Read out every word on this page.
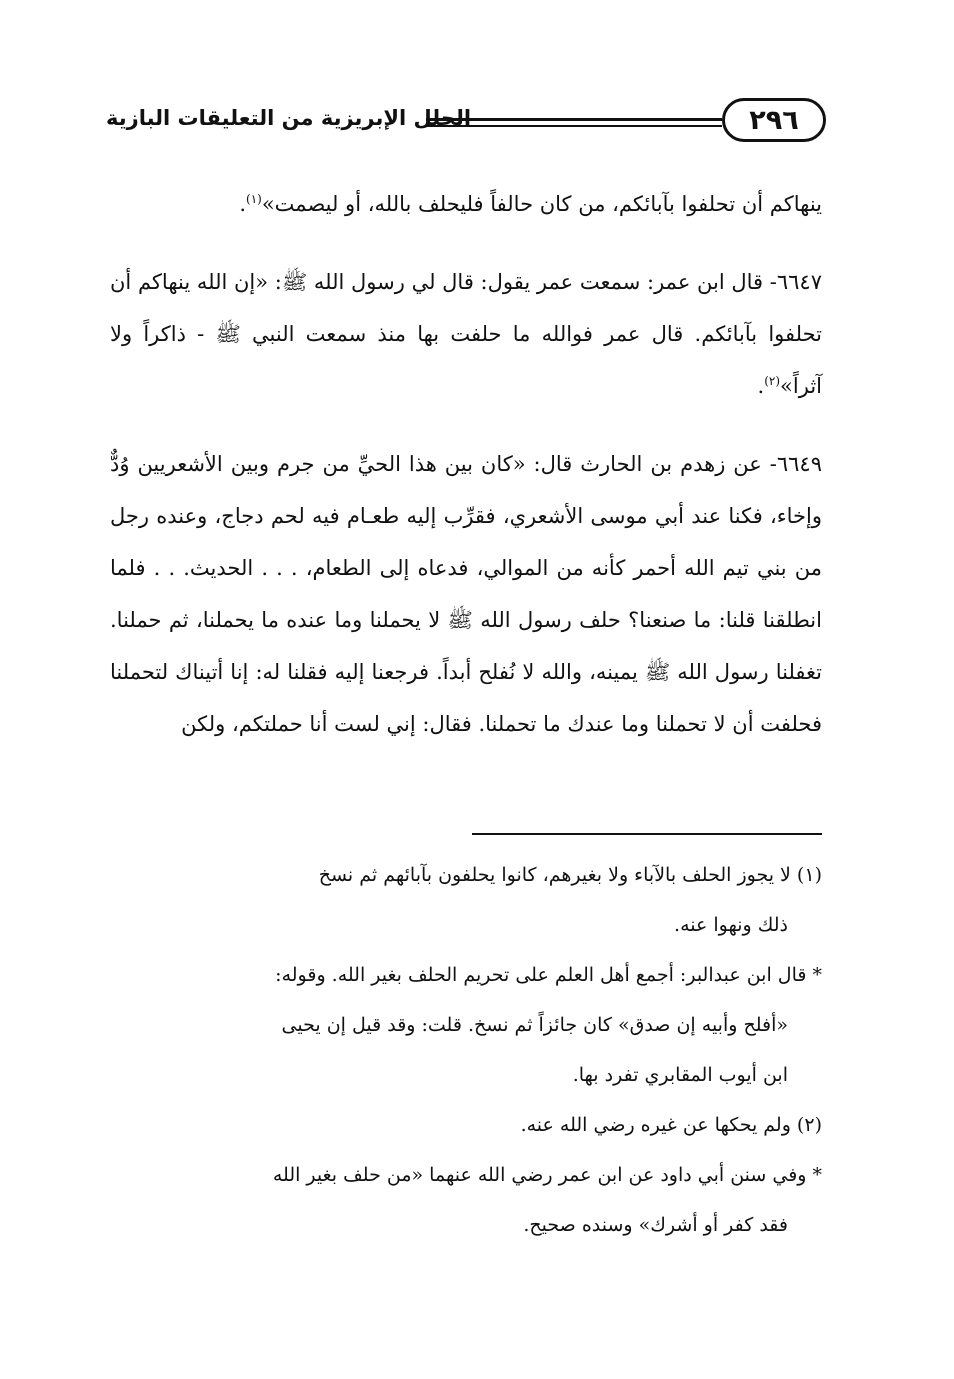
الحلل الإبريزية من التعليقات البازية	٢٩٦

ينهاكم أن تحلفوا بآبائكم، من كان حالفاً فليحلف بالله، أو ليصمت»$^{(١)}$.

٦٦٤٧- قال ابن عمر: سمعت عمر يقول: قال لي رسول الله ﷺ: «إن الله ينهاكم أن تحلفوا بآبائكم. قال عمر فوالله ما حلفت بها منذ سمعت النبي ﷺ - ذاكراً ولا آثراً»$^{(٢)}$.

٦٦٤٩- عن زهدم بن الحارث قال: «كان بين هذا الحيِّ من جرم وبين الأشعريين وُدٌّ وإخاء، فكنا عند أبي موسى الأشعري، فقرِّب إليه طعـام فيه لحم دجاج، وعنده رجل من بني تيم الله أحمر كأنه من الموالي، فدعاه إلى الطعام، . . . الحديث. . . فلما انطلقنا قلنا: ما صنعنا؟ حلف رسول الله ﷺ لا يحملنا وما عنده ما يحملنا، ثم حملنا. تغفلنا رسول الله ﷺ يمينه، والله لا نُفلح أبداً. فرجعنا إليه فقلنا له: إنا أتيناك لتحملنا فحلفت أن لا تحملنا وما عندك ما تحملنا. فقال: إني لست أنا حملتكم، ولكن

(١) لا يجوز الحلف بالآباء ولا بغيرهم، كانوا يحلفون بآبائهم ثم نسخ
ذلك ونهوا عنه.

* قال ابن عبدالبر: أجمع أهل العلم على تحريم الحلف بغير الله. وقوله:
«أفلح وأبيه إن صدق» كان جائزاً ثم نسخ. قلت: وقد قيل إن يحيى
ابن أيوب المقابري تفرد بها.

(٢) ولم يحكها عن غيره رضي الله عنه.

* وفي سنن أبي داود عن ابن عمر رضي الله عنهما «من حلف بغير الله
فقد كفر أو أشرك» وسنده صحيح.
